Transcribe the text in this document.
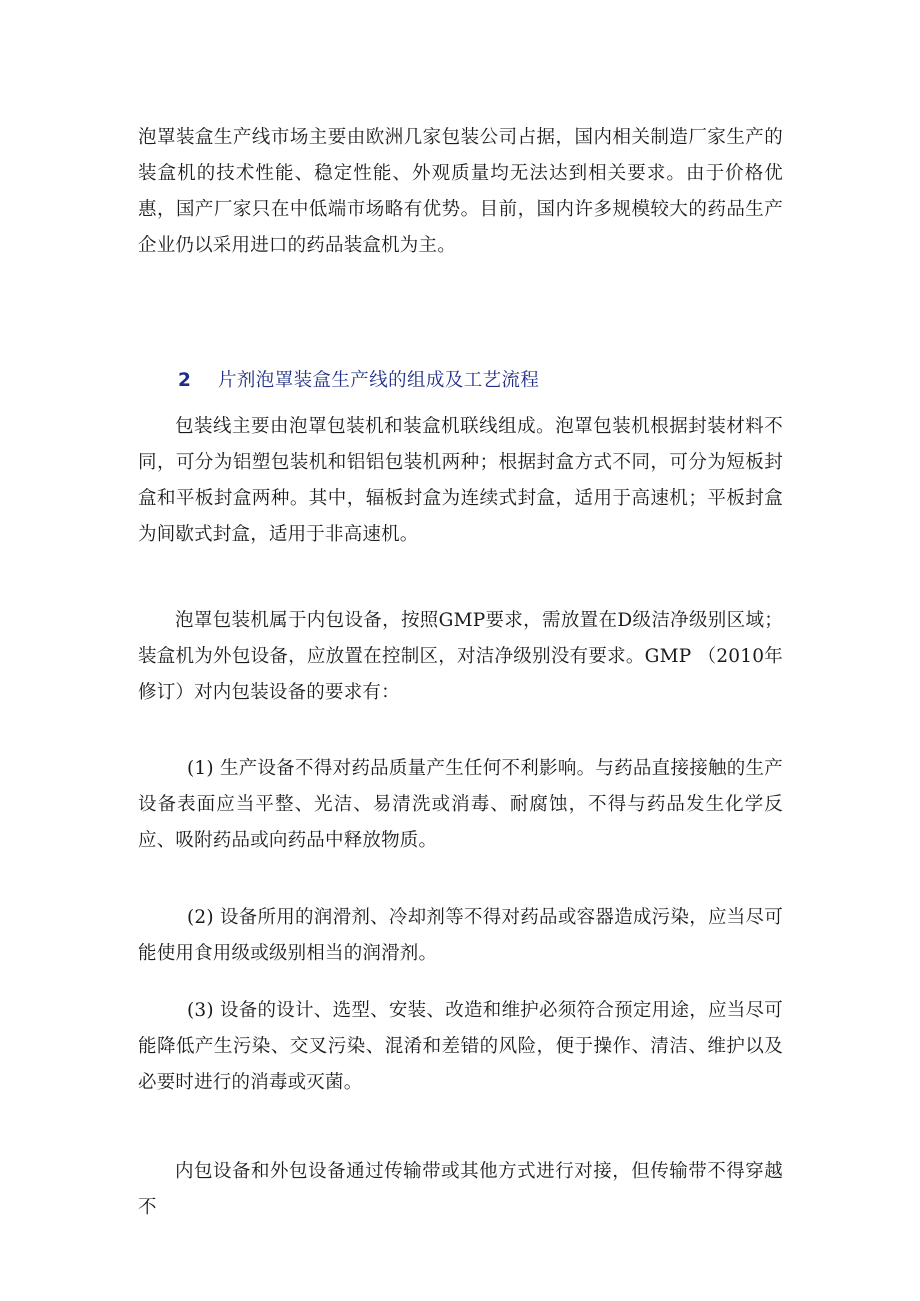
泡罩装盒生产线市场主要由欧洲几家包装公司占据，国内相关制造厂家生产的装盒机的技术性能、稳定性能、外观质量均无法达到相关要求。由于价格优惠，国产厂家只在中低端市场略有优势。目前，国内许多规模较大的药品生产企业仍以采用进口的药品装盒机为主。

2 片剂泡罩装盒生产线的组成及工艺流程

包装线主要由泡罩包装机和装盒机联线组成。泡罩包装机根据封装材料不同，可分为铝塑包装机和铝铝包装机两种；根据封盒方式不同，可分为短板封盒和平板封盒两种。其中，辐板封盒为连续式封盒，适用于高速机；平板封盒为间歇式封盒，适用于非高速机。

泡罩包装机属于内包设备，按照GMP要求，需放置在D级洁净级别区域；装盒机为外包设备，应放置在控制区，对洁净级别没有要求。GMP （2010年修订）对内包装设备的要求有：

(1) 生产设备不得对药品质量产生任何不利影响。与药品直接接触的生产设备表面应当平整、光洁、易清洗或消毒、耐腐蚀，不得与药品发生化学反应、吸附药品或向药品中释放物质。

(2) 设备所用的润滑剂、冷却剂等不得对药品或容器造成污染，应当尽可能使用食用级或级别相当的润滑剂。

(3) 设备的设计、选型、安装、改造和维护必须符合预定用途，应当尽可能降低产生污染、交叉污染、混淆和差错的风险，便于操作、清洁、维护以及必要时进行的消毒或灭菌。

内包设备和外包设备通过传输带或其他方式进行对接，但传输带不得穿越不
